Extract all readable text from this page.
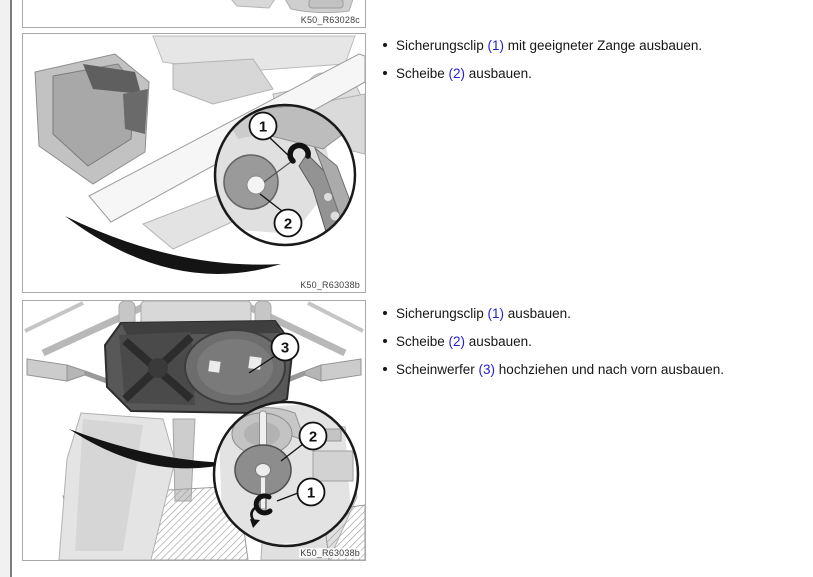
K50_R63028c
1
2
K50_R63038b
3
2
1
K50_R63038b
Sicherungsclip (1) mit geeigneter Zange ausbauen.
Scheibe (2) ausbauen.
Sicherungsclip (1) ausbauen.
Scheibe (2) ausbauen.
Scheinwerfer (3) hochziehen und nach vorn ausbauen.
